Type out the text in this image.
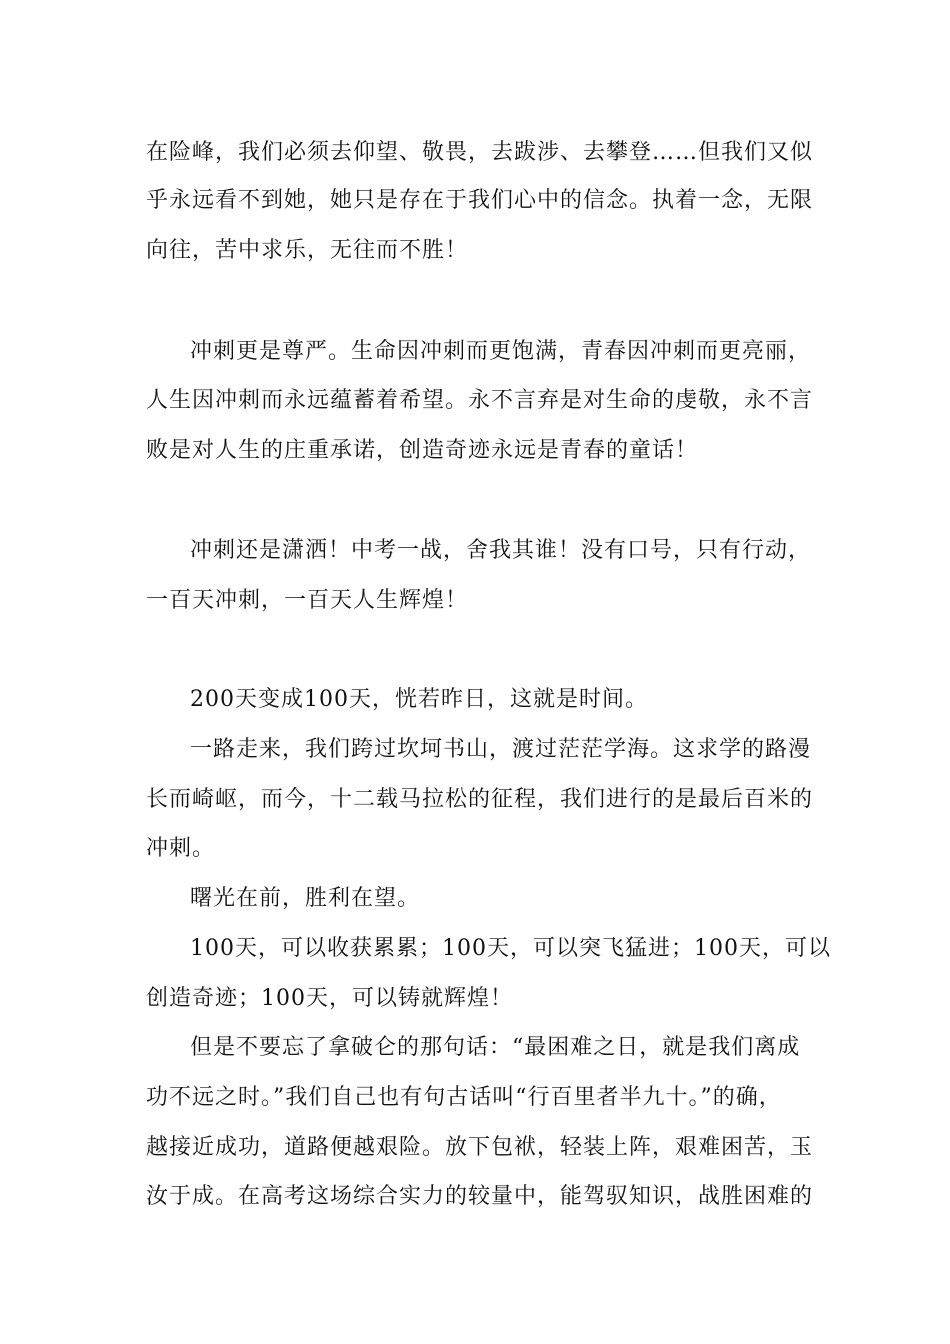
在险峰，我们必须去仰望、敬畏，去跋涉、去攀登……但我们又似
乎永远看不到她，她只是存在于我们心中的信念。执着一念，无限
向往，苦中求乐，无往而不胜！
冲刺更是尊严。生命因冲刺而更饱满，青春因冲刺而更亮丽，
人生因冲刺而永远蕴蓄着希望。永不言弃是对生命的虔敬，永不言
败是对人生的庄重承诺，创造奇迹永远是青春的童话！
冲刺还是潇洒！中考一战，舍我其谁！没有口号，只有行动，
一百天冲刺，一百天人生辉煌！
200天变成100天，恍若昨日，这就是时间。
一路走来，我们跨过坎坷书山，渡过茫茫学海。这求学的路漫
长而崎岖，而今，十二载马拉松的征程，我们进行的是最后百米的
冲刺。
曙光在前，胜利在望。
100天，可以收获累累；100天，可以突飞猛进；100天，可以
创造奇迹；100天，可以铸就辉煌！
但是不要忘了拿破仑的那句话：“最困难之日，就是我们离成
功不远之时。”我们自己也有句古话叫“行百里者半九十。”的确，
越接近成功，道路便越艰险。放下包袱，轻装上阵，艰难困苦，玉
汝于成。在高考这场综合实力的较量中，能驾驭知识，战胜困难的
